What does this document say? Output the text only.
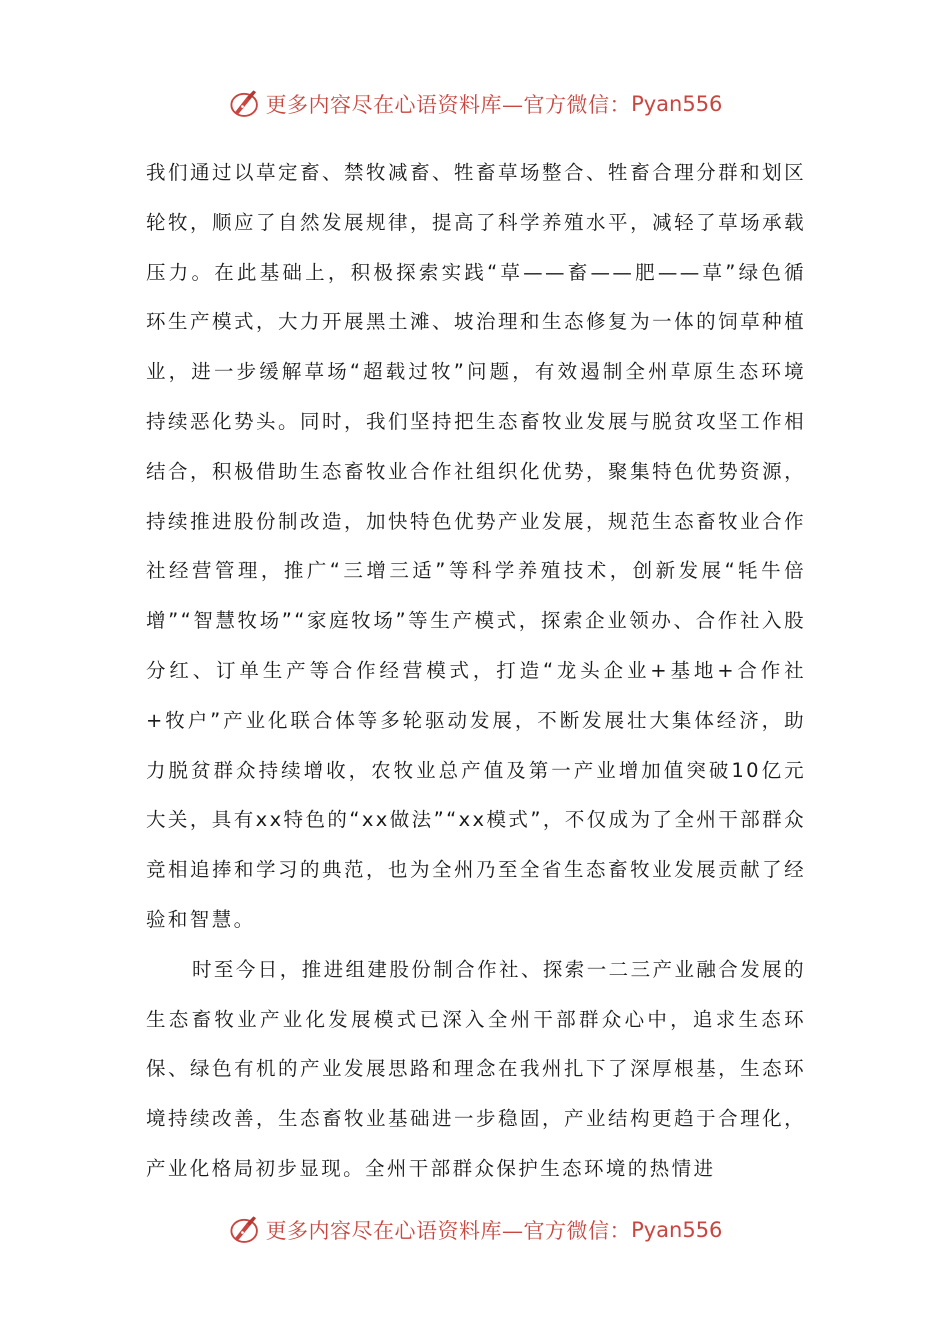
更多内容尽在心语资料库—官方微信： Pyan556

我们通过以草定畜、禁牧减畜、牲畜草场整合、牲畜合理分群和划区轮牧，顺应了自然发展规律，提高了科学养殖水平，减轻了草场承载压力。在此基础上，积极探索实践“草——畜——肥——草”绿色循环生产模式，大力开展黑土滩、坡治理和生态修复为一体的饲草种植业，进一步缓解草场“超载过牧”问题，有效遏制全州草原生态环境持续恶化势头。同时，我们坚持把生态畜牧业发展与脱贫攻坚工作相结合，积极借助生态畜牧业合作社组织化优势，聚集特色优势资源，持续推进股份制改造，加快特色优势产业发展，规范生态畜牧业合作社经营管理，推广“三增三适”等科学养殖技术，创新发展“牦牛倍增”“智慧牧场”“家庭牧场”等生产模式，探索企业领办、合作社入股分红、订单生产等合作经营模式，打造“龙头企业+基地+合作社+牧户”产业化联合体等多轮驱动发展，不断发展壮大集体经济，助力脱贫群众持续增收，农牧业总产值及第一产业增加值突破10亿元大关，具有xx特色的“xx做法”“xx模式”，不仅成为了全州干部群众竞相追捧和学习的典范，也为全州乃至全省生态畜牧业发展贡献了经验和智慧。

时至今日，推进组建股份制合作社、探索一二三产业融合发展的生态畜牧业产业化发展模式已深入全州干部群众心中，追求生态环保、绿色有机的产业发展思路和理念在我州扎下了深厚根基，生态环境持续改善，生态畜牧业基础进一步稳固，产业结构更趋于合理化，产业化格局初步显现。全州干部群众保护生态环境的热情进

更多内容尽在心语资料库—官方微信： Pyan556
